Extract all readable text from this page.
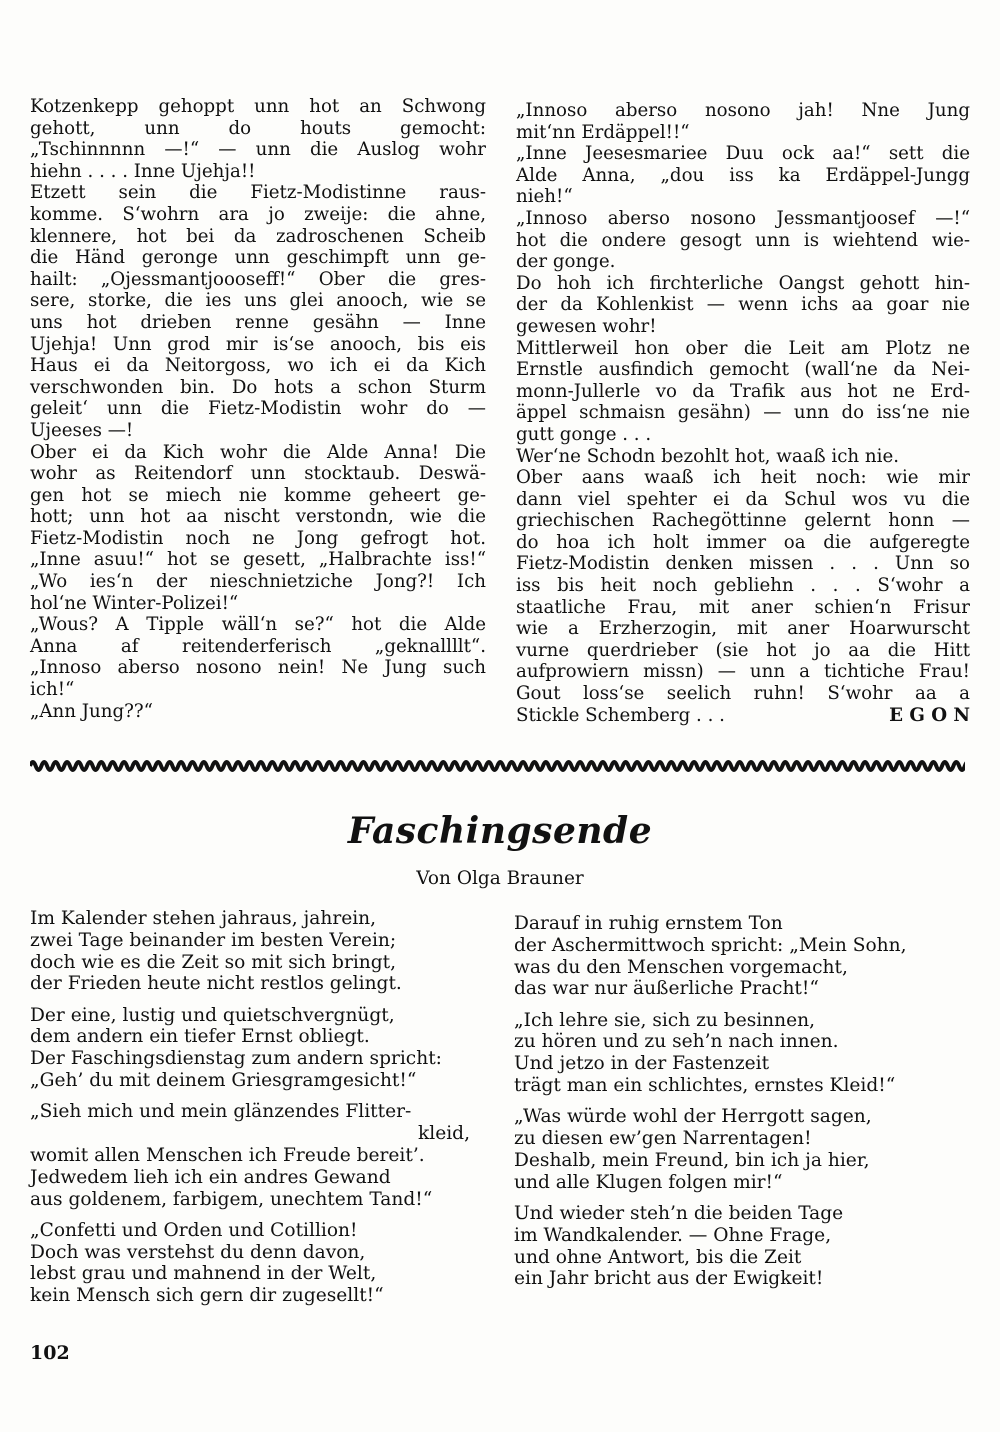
Kotzenkepp gehoppt unn hot an Schwong
gehott, unn do houts gemocht:
„Tschinnnnn —!“ — unn die Auslog wohr
hiehn . . . . Inne Ujehja!!
Etzett sein die Fietz-Modistinne raus-
komme. S‘wohrn ara jo zweije: die ahne,
klennere, hot bei da zadroschenen Scheib
die Händ geronge unn geschimpft unn ge-
hailt: „Ojessmantjoooseff!“ Ober die gres-
sere, storke, die ies uns glei anooch, wie se
uns hot drieben renne gesähn — Inne
Ujehja! Unn grod mir is‘se anooch, bis eis
Haus ei da Neitorgoss, wo ich ei da Kich
verschwonden bin. Do hots a schon Sturm
geleit‘ unn die Fietz-Modistin wohr do —
Ujeeses —!
Ober ei da Kich wohr die Alde Anna! Die
wohr as Reitendorf unn stocktaub. Deswä-
gen hot se miech nie komme geheert ge-
hott; unn hot aa nischt verstondn, wie die
Fietz-Modistin noch ne Jong gefrogt hot.
„Inne asuu!“ hot se gesett, „Halbrachte iss!“
„Wo ies‘n der nieschnietziche Jong?! Ich
hol‘ne Winter-Polizei!“
„Wous? A Tipple wäll‘n se?“ hot die Alde
Anna af reitenderferisch „geknallllt“.
„Innoso aberso nosono nein! Ne Jung such
ich!“
„Ann Jung??“
„Innoso aberso nosono jah! Nne Jung
mit‘nn Erdäppel!!“
„Inne Jeesesmariee Duu ock aa!“ sett die
Alde Anna, „dou iss ka Erdäppel-Jungg
nieh!“
„Innoso aberso nosono Jessmantjoosef —!“
hot die ondere gesogt unn is wiehtend wie-
der gonge.
Do hoh ich firchterliche Oangst gehott hin-
der da Kohlenkist — wenn ichs aa goar nie
gewesen wohr!
Mittlerweil hon ober die Leit am Plotz ne
Ernstle ausfindich gemocht (wall‘ne da Nei-
monn-Jullerle vo da Trafik aus hot ne Erd-
äppel schmaisn gesähn) — unn do iss‘ne nie
gutt gonge . . .
Wer‘ne Schodn bezohlt hot, waaß ich nie.
Ober aans waaß ich heit noch: wie mir
dann viel spehter ei da Schul wos vu die
griechischen Rachegöttinne gelernt honn —
do hoa ich holt immer oa die aufgeregte
Fietz-Modistin denken missen . . . Unn so
iss bis heit noch gebliehn . . . S‘wohr a
staatliche Frau, mit aner schien‘n Frisur
wie a Erzherzogin, mit aner Hoarwurscht
vurne querdrieber (sie hot jo aa die Hitt
aufprowiern missn) — unn a tichtiche Frau!
Gout loss‘se seelich ruhn! S‘wohr aa a
Stickle Schemberg . . .	E G O N
Faschingsende
Von Olga Brauner
Im Kalender stehen jahraus, jahrein,
zwei Tage beinander im besten Verein;
doch wie es die Zeit so mit sich bringt,
der Frieden heute nicht restlos gelingt.
Der eine, lustig und quietschvergnügt,
dem andern ein tiefer Ernst obliegt.
Der Faschingsdienstag zum andern spricht:
„Geh’ du mit deinem Griesgramgesicht!“
„Sieh mich und mein glänzendes Flitter-
kleid,
womit allen Menschen ich Freude bereit’.
Jedwedem lieh ich ein andres Gewand
aus goldenem, farbigem, unechtem Tand!“
„Confetti und Orden und Cotillion!
Doch was verstehst du denn davon,
lebst grau und mahnend in der Welt,
kein Mensch sich gern dir zugesellt!“
Darauf in ruhig ernstem Ton
der Aschermittwoch spricht: „Mein Sohn,
was du den Menschen vorgemacht,
das war nur äußerliche Pracht!“
„Ich lehre sie, sich zu besinnen,
zu hören und zu seh’n nach innen.
Und jetzo in der Fastenzeit
trägt man ein schlichtes, ernstes Kleid!“
„Was würde wohl der Herrgott sagen,
zu diesen ew’gen Narrentagen!
Deshalb, mein Freund, bin ich ja hier,
und alle Klugen folgen mir!“
Und wieder steh’n die beiden Tage
im Wandkalender. — Ohne Frage,
und ohne Antwort, bis die Zeit
ein Jahr bricht aus der Ewigkeit!
102
